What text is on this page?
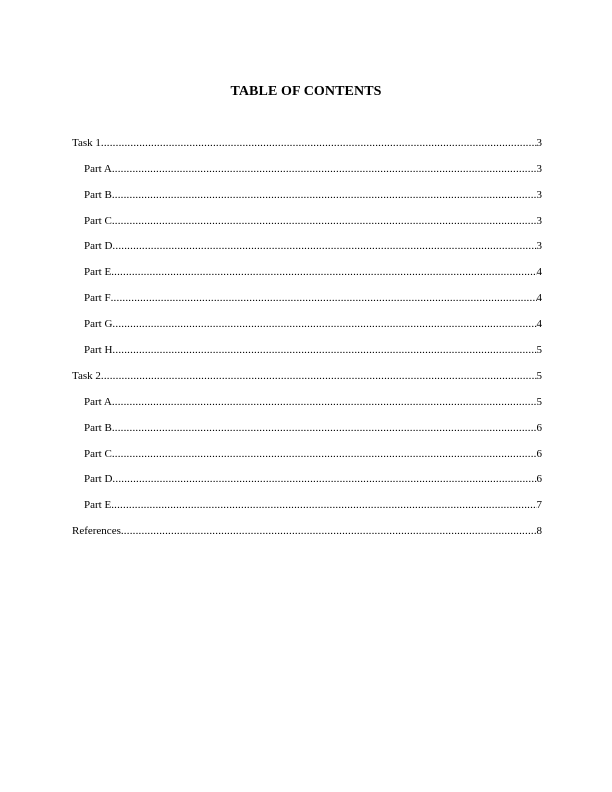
TABLE OF CONTENTS
Task 1 .....	3
Part A .....	3
Part B .....	3
Part C .....	3
Part D .....	3
Part E .....	4
Part F .....	4
Part G .....	4
Part H .....	5
Task 2 .....	5
Part A .....	5
Part B .....	6
Part C .....	6
Part D .....	6
Part E .....	7
References .....	8
